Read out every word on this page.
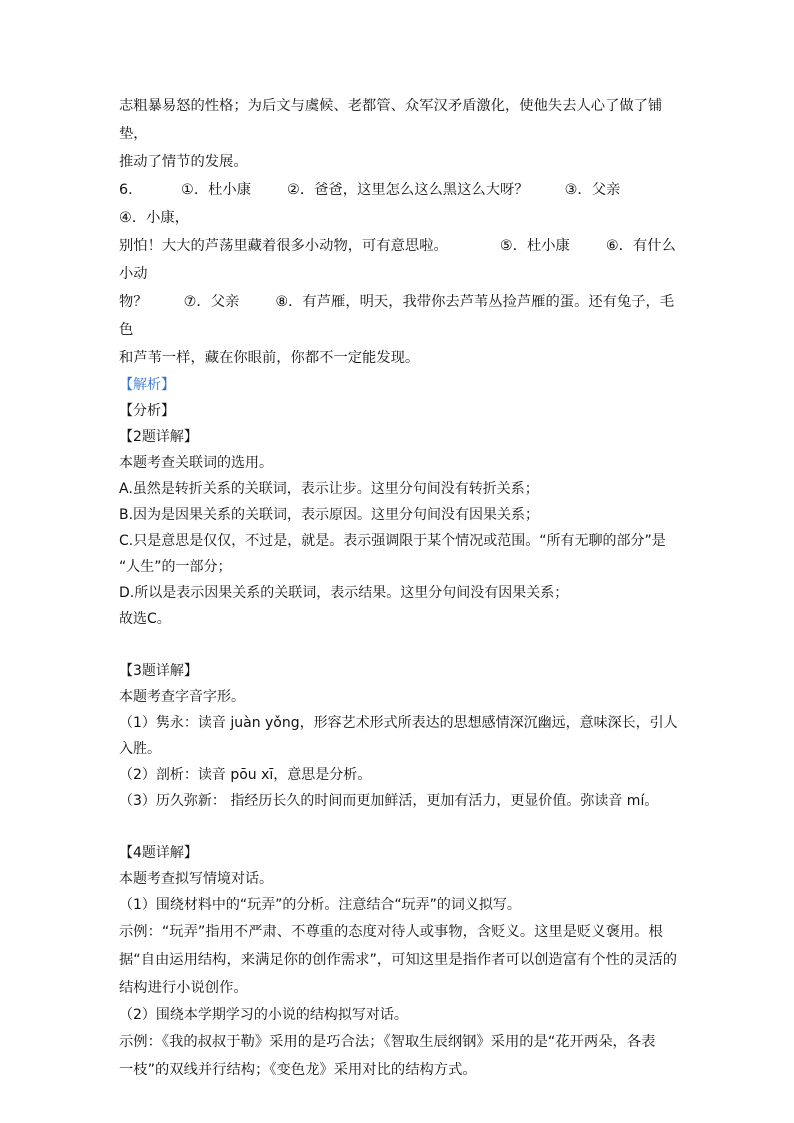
志粗暴易怒的性格；为后文与虞候、老都管、众军汉矛盾激化，使他失去人心了做了铺垫，

推动了情节的发展。

6.	①．杜小康	②．爸爸，这里怎么这么黑这么大呀？	③．父亲④．小康，

别怕！大大的芦荡里藏着很多小动物，可有意思啦。	⑤．杜小康	⑥．有什么小动

物？	⑦．父亲	⑧．有芦雁，明天，我带你去芦苇丛捡芦雁的蛋。还有兔子，毛色

和芦苇一样，藏在你眼前，你都不一定能发现。

【解析】

【分析】

【2题详解】

本题考查关联词的选用。

A.虽然是转折关系的关联词，表示让步。这里分句间没有转折关系；

B.因为是因果关系的关联词，表示原因。这里分句间没有因果关系；

C.只是意思是仅仅，不过是，就是。表示强调限于某个情况或范围。“所有无聊的部分”是

“人生”的一部分；

D.所以是表示因果关系的关联词，表示结果。这里分句间没有因果关系；

故选C。

【3题详解】

本题考查字音字形。

（1）隽永：读音 juàn yǒng，形容艺术形式所表达的思想感情深沉幽远，意味深长，引人

入胜。

（2）剖析：读音 pōu xī，意思是分析。

（3）历久弥新： 指经历长久的时间而更加鲜活，更加有活力，更显价值。弥读音 mí。

【4题详解】

本题考查拟写情境对话。

（1）围绕材料中的“玩弄”的分析。注意结合“玩弄”的词义拟写。

示例：“玩弄”指用不严肃、不尊重的态度对待人或事物，含贬义。这里是贬义褒用。根

据“自由运用结构，来满足你的创作需求”，可知这里是指作者可以创造富有个性的灵活的

结构进行小说创作。

（2）围绕本学期学习的小说的结构拟写对话。

示例：《我的叔叔于勒》采用的是巧合法；《智取生辰纲钢》采用的是“花开两朵，各表

一枝”的双线并行结构；《变色龙》采用对比的结构方式。
